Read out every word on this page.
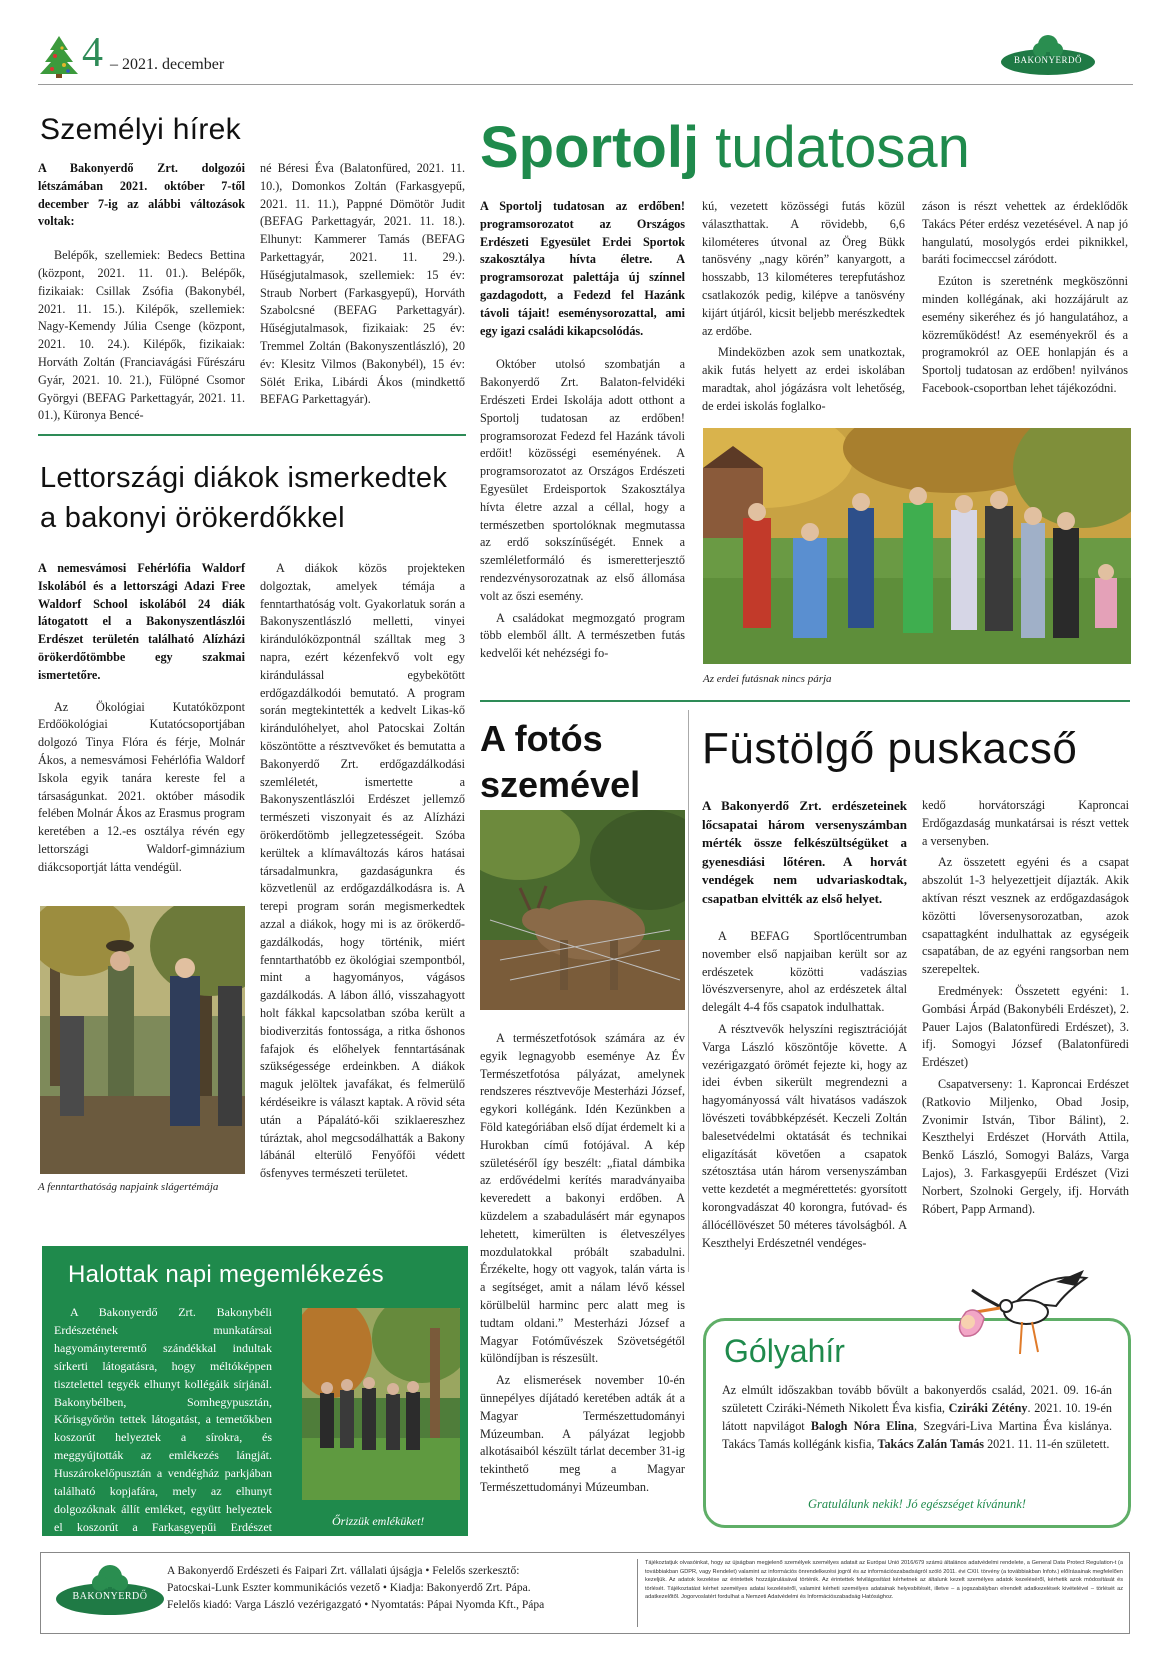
4 – 2021. december	BAKONYERDŐ
Személyi hírek

A Bakonyerdő Zrt. dolgozói létszámában 2021. október 7-től december 7-ig az alábbi változások voltak:

Belépők, szellemiek: Bedecs Bettina (központ, 2021. 11. 01.). Belépők, fizikaiak: Csillak Zsófia (Bakonybél, 2021. 11. 15.). Kilépők, szellemiek: Nagy-Kemendy Júlia Csenge (központ, 2021. 10. 24.). Kilépők, fizikaiak: Horváth Zoltán (Franciavágási Fűrészáru Gyár, 2021. 10. 21.), Fülöpné Csomor Györgyi (BEFAG Parkettagyár, 2021. 11. 01.), Küronya Bencé-

né Béresi Éva (Balatonfüred, 2021. 11. 10.), Domonkos Zoltán (Farkasgyepű, 2021. 11. 11.), Pappné Dömötör Judit (BEFAG Parkettagyár, 2021. 11. 18.). Elhunyt: Kammerer Tamás (BEFAG Parkettagyár, 2021. 11. 29.). Hűségjutalmasok, szellemiek: 15 év: Straub Norbert (Farkasgyepű), Horváth Szabolcsné (BEFAG Parkettagyár). Hűségjutalmasok, fizikaiak: 25 év: Tremmel Zoltán (Bakonyszentlászló), 20 év: Klesitz Vilmos (Bakonybél), 15 év: Sölét Erika, Libárdi Ákos (mindkettő BEFAG Parkettagyár).

Lettországi diákok ismerkedtek
a bakonyi örökerdőkkel

A nemesvámosi Fehérlófia Waldorf Iskolából és a lettországi Adazi Free Waldorf School iskolából 24 diák látogatott el a Bakonyszentlászlói Erdészet területén található Alízházi örökerdőtömbbe egy szakmai ismertetőre.

Az Ökológiai Kutatóközpont Erdőökológiai Kutatócsoportjában dolgozó Tinya Flóra és férje, Molnár Ákos, a nemesvámosi Fehérlófia Waldorf Iskola egyik tanára kereste fel a társaságunkat. 2021. október második felében Molnár Ákos az Erasmus program keretében a 12.-es osztálya révén egy lettországi Waldorf-gimnázium diákcsoportját látta vendégül.

A fenntarthatóság napjaink slágertémája

A diákok közös projekteken dolgoztak, amelyek témája a fenntarthatóság volt. Gyakorlatuk során a Bakonyszentlászló melletti, vinyei kirándulóközpontnál szálltak meg 3 napra, ezért kézenfekvő volt egy kirándulással egybekötött erdőgazdálkodói bemutató. A program során megtekintették a kedvelt Likas-kő kirándulóhelyet, ahol Patocskai Zoltán köszöntötte a résztvevőket és bemutatta a Bakonyerdő Zrt. erdőgazdálkodási szemléletét, ismertette a Bakonyszentlászlói Erdészet jellemző természeti viszonyait és az Alízházi örökerdőtömb jellegzetességeit. Szóba kerültek a klímaváltozás káros hatásai társadalmunkra, gazdaságunkra és közvetlenül az erdőgazdálkodásra is. A terepi program során megismerkedtek azzal a diákok, hogy mi is az örökerdő-gazdálkodás, hogy történik, miért fenntarthatóbb ez ökológiai szempontból, mint a hagyományos, vágásos gazdálkodás. A lábon álló, visszahagyott holt fákkal kapcsolatban szóba került a biodiverzitás fontossága, a ritka őshonos fafajok és előhelyek fenntartásának szükségessége erdeinkben. A diákok maguk jelöltek javafákat, és felmerülő kérdéseikre is választ kaptak. A rövid séta után a Pápalátó-kői sziklaereszhez túráztak, ahol megcsodálhatták a Bakony lábánál elterülő Fenyőfői védett ősfenyves természeti területet.

Halottak napi megemlékezés
A Bakonyerdő Zrt. Bakonybéli Erdészetének munkatársai hagyományteremtő szándékkal indultak sírkerti látogatásra, hogy méltóképpen tisztelettel tegyék elhunyt kollégáik sírjánál. Bakonybélben, Somhegypusztán, Kőrisgyőrön tettek látogatást, a temetőkben koszorút helyeztek a sírokra, és meggyújtották az emlékezés lángját. Huszárokelőpusztán a vendégház parkjában található kopjafára, mely az elhunyt dolgozóknak állít emléket, együtt helyeztek el koszorút a Farkasgyepűi Erdészet munkatársaival.
Őrizzük emléküket!
Sportolj tudatosan

A Sportolj tudatosan az erdőben! programsorozatot az Országos Erdészeti Egyesület Erdei Sportok szakosztálya hívta életre. A programsorozat palettája új színnel gazdagodott, a Fedezd fel Hazánk távoli tájait! eseménysorozattal, ami egy igazi családi kikapcsolódás.

Október utolsó szombatján a Bakonyerdő Zrt. Balaton-felvidéki Erdészeti Erdei Iskolája adott otthont a Sportolj tudatosan az erdőben! programsorozat Fedezd fel Hazánk távoli erdőit! közösségi eseményének. A programsorozatot az Országos Erdészeti Egyesület Erdeisportok Szakosztálya hívta életre azzal a céllal, hogy a természetben sportolóknak megmutassa az erdő sokszínűségét. Ennek a szemléletformáló és ismeretterjesztő rendezvénysorozatnak az első állomása volt az őszi esemény.

A családokat megmozgató program több elemből állt. A természetben futás kedvelői két nehézségi fo-

kú, vezetett közösségi futás közül választhattak. A rövidebb, 6,6 kilométeres útvonal az Öreg Bükk tanösvény „nagy körén” kanyargott, a hosszabb, 13 kilométeres terepfutáshoz csatlakozók pedig, kilépve a tanösvény kijárt útjáról, kicsit beljebb merészkedtek az erdőbe.

Mindeközben azok sem unatkoztak, akik futás helyett az erdei iskolában maradtak, ahol jógázásra volt lehetőség, de erdei iskolás foglalko-

záson is részt vehettek az érdeklődők Takács Péter erdész vezetésével. A nap jó hangulatú, mosolygós erdei piknikkel, baráti focimeccsel záródott.

Ezúton is szeretnénk megköszönni minden kollégának, aki hozzájárult az esemény sikeréhez és jó hangulatához, a közreműködést! Az eseményekről és a programokról az OEE honlapján és a Sportolj tudatosan az erdőben! nyilvános Facebook-csoportban lehet tájékozódni.

Az erdei futásnak nincs párja
A fotós
szemével

A természetfotósok számára az év egyik legnagyobb eseménye Az Év Természetfotósa pályázat, amelynek rendszeres résztvevője Mesterházi József, egykori kollégánk. Idén Kezünkben a Föld kategóriában első díjat érdemelt ki a Hurokban című fotójával. A kép születéséről így beszélt: „fiatal dámbika az erdővédelmi kerítés maradványaiba keveredett a bakonyi erdőben. A küzdelem a szabadulásért már egynapos lehetett, kimerülten is életveszélyes mozdulatokkal próbált szabadulni. Érzékelte, hogy ott vagyok, talán várta is a segítséget, amit a nálam lévő késsel körülbelül harminc perc alatt meg is tudtam oldani.” Mesterházi József a Magyar Fotóművészek Szövetségétől különdíjban is részesült.

Az elismerések november 10-én ünnepélyes díjátadó keretében adták át a Magyar Természettudományi Múzeumban. A pályázat legjobb alkotásaiból készült tárlat december 31-ig tekinthető meg a Magyar Természettudományi Múzeumban.

Füstölgő puskacső

A Bakonyerdő Zrt. erdészeteinek lőcsapatai három versenyszámban mérték össze felkészültségüket a gyenesdiási lőtéren. A horvát vendégek nem udvariaskodtak, csapatban elvitték az első helyet.

A BEFAG Sportlőcentrumban november első napjaiban került sor az erdészetek közötti vadászias lövészversenyre, ahol az erdészetek által delegált 4-4 fős csapatok indulhattak.

A résztvevők helyszíni regisztrációját Varga László köszöntője követte. A vezérigazgató örömét fejezte ki, hogy az idei évben sikerült megrendezni a hagyományossá vált hivatásos vadászok lövészeti továbbképzését. Keczeli Zoltán balesetvédelmi oktatását és technikai eligazítását követően a csapatok szétosztása után három versenyszámban vette kezdetét a megmérettetés: gyorsított korongvadászat 40 korongra, futóvad- és állócéllövészet 50 méteres távolságból. A Keszthelyi Erdészetnél vendéges-

kedő horvátországi Kaproncai Erdőgazdaság munkatársai is részt vettek a versenyben.

Az összetett egyéni és a csapat abszolút 1-3 helyezettjeit díjazták. Akik aktívan részt vesznek az erdőgazdaságok közötti lőversenysorozatban, azok csapattagként indulhattak az egységeik csapatában, de az egyéni rangsorban nem szerepeltek.

Eredmények: Összetett egyéni: 1. Gombási Árpád (Bakonybéli Erdészet), 2. Pauer Lajos (Balatonfüredi Erdészet), 3. ifj. Somogyi József (Balatonfüredi Erdészet)

Csapatverseny: 1. Kaproncai Erdészet (Ratkovio Miljenko, Obad Josip, Zvonimir István, Tibor Bálint), 2. Keszthelyi Erdészet (Horváth Attila, Benkő László, Somogyi Balázs, Varga Lajos), 3. Farkasgyepűi Erdészet (Vizi Norbert, Szolnoki Gergely, ifj. Horváth Róbert, Papp Armand).

Gólyahír
Az elmúlt időszakban tovább bővült a bakonyerdős család, 2021. 09. 16-án született Cziráki-Németh Nikolett Éva kisfia, Cziráki Zétény. 2021. 10. 19-én látott napvilágot Balogh Nóra Elina, Szegvári-Liva Martina Éva kislánya. Takács Tamás kollégánk kisfia, Takács Zalán Tamás 2021. 11. 11-én született.
Gratulálunk nekik! Jó egészséget kívánunk!
BAKONYERDŐ
A Bakonyerdő Erdészeti és Faipari Zrt. vállalati újságja • Felelős szerkesztő:
Patocskai-Lunk Eszter kommunikációs vezető • Kiadja: Bakonyerdő Zrt. Pápa.
Felelős kiadó: Varga László vezérigazgató • Nyomtatás: Pápai Nyomda Kft., Pápa
Tájékoztatjuk olvasóinkat, hogy az újságban megjelenő személyek személyes adatait az Európai Unió 2016/679 számú általános adatvédelmi rendelete, a General Data Protect Regulation-t (a továbbiakban GDPR, vagy Rendelet) valamint az információs önrendelkezési jogról és az információszabadságról szóló 2011. évi CXII. törvény (a továbbiakban Infotv.) előírásainak megfelelően kezeljük. Az adatok kezelése az érintettek hozzájárulásával történik. Az érintettek felvilágosítást kérhetnek az általunk kezelt személyes adatok kezeléséről, kérhetik azok módosítását és törlését. Tájékoztatást kérhet személyes adatai kezeléséről, valamint kérheti személyes adatainak helyesbítését, illetve – a jogszabályban elrendelt adatkezelések kivételével – törlését az adatkezelőtől. Jogorvoslatért fordulhat a Nemzeti Adatvédelmi és Információszabadság Hatósághoz.
